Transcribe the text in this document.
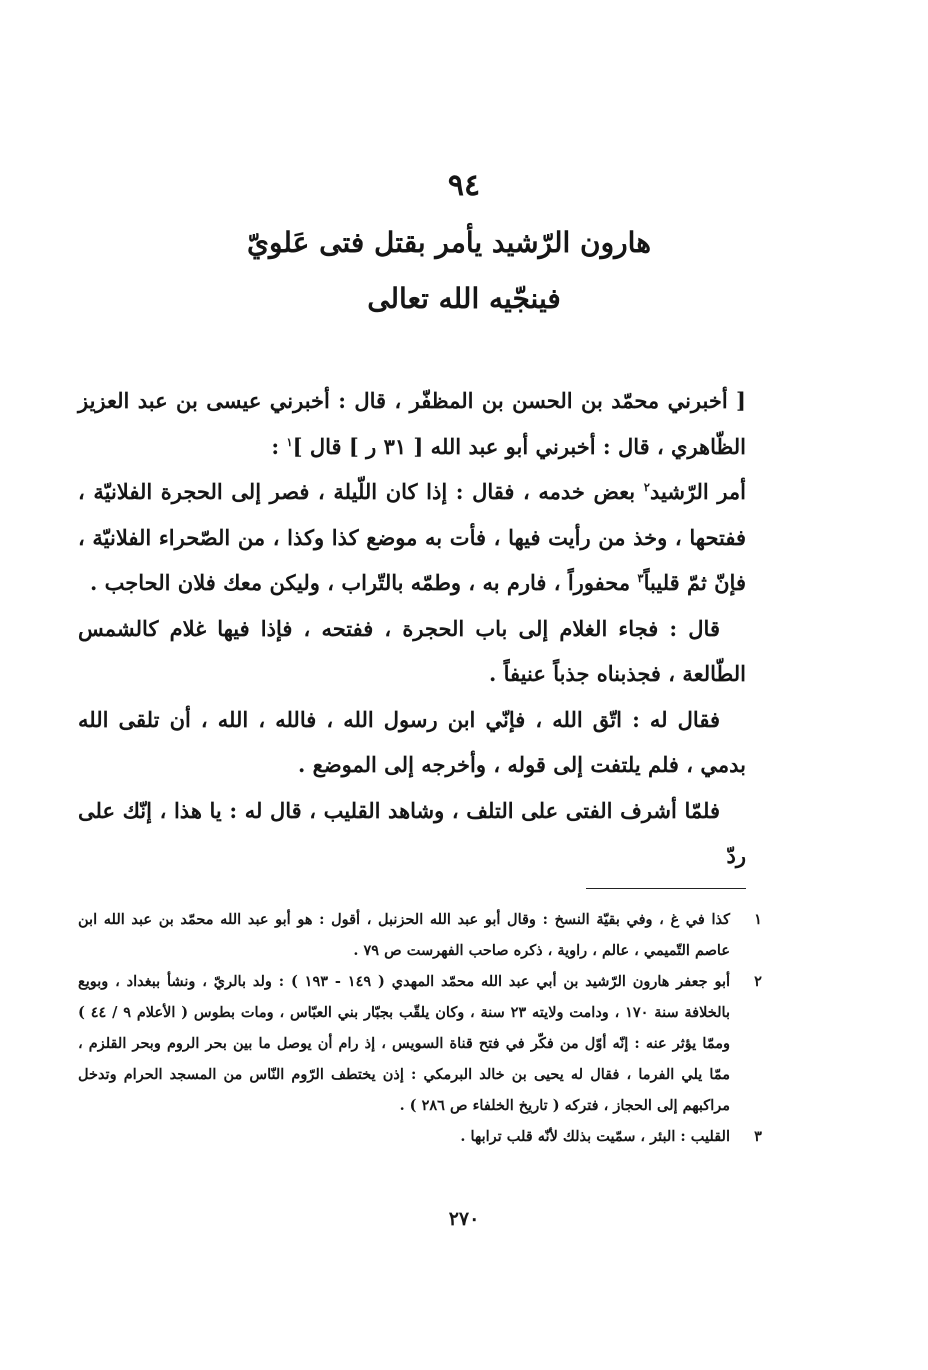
٩٤
هارون الرّشيد يأمر بقتل فتى عَلويّ
فينجّيه الله تعالى

[ أخبرني محمّد بن الحسن بن المظفّر ، قال : أخبرني عيسى بن عبد العزيز الظّاهري ، قال : أخبرني أبو عبد الله [ ٣١ ر ] قال ]$^١$ :

أمر الرّشيد$^٢$ بعض خدمه ، فقال : إذا كان اللّيلة ، فصر إلى الحجرة الفلانيّة ، ففتحها ، وخذ من رأيت فيها ، فأت به موضع كذا وكذا ، من الصّحراء الفلانيّة ، فإنّ ثمّ قليباً$^٣$ محفوراً ، فارم به ، وطمّه بالتّراب ، وليكن معك فلان الحاجب .

قال : فجاء الغلام إلى باب الحجرة ، ففتحه ، فإذا فيها غلام كالشمس الطّالعة ، فجذبناه جذباً عنيفاً .

فقال له : اتّق الله ، فإنّي ابن رسول الله ، فالله ، الله ، أن تلقى الله بدمي ، فلم يلتفت إلى قوله ، وأخرجه إلى الموضع .

فلمّا أشرف الفتى على التلف ، وشاهد القليب ، قال له : يا هذا ، إنّك على ردّ

١
كذا في غ ، وفي بقيّة النسخ : وقال أبو عبد الله الحزنبل ، أقول : هو أبو عبد الله محمّد بن عبد الله ابن عاصم التّميمي ، عالم ، راوية ، ذكره صاحب الفهرست ص ٧٩ .
٢
أبو جعفر هارون الرّشيد بن أبي عبد الله محمّد المهدي ( ١٤٩ - ١٩٣ ) : ولد بالريّ ، ونشأ ببغداد ، وبويع بالخلافة سنة ١٧٠ ، ودامت ولايته ٢٣ سنة ، وكان يلقّب بجبّار بني العبّاس ، ومات بطوس ( الأعلام ٩ / ٤٤ ) وممّا يؤثر عنه : إنّه أوّل من فكّر في فتح قناة السويس ، إذ رام أن يوصل ما بين بحر الروم وبحر القلزم ، ممّا يلي الفرما ، فقال له يحيى بن خالد البرمكي : إذن يختطف الرّوم النّاس من المسجد الحرام وتدخل مراكبهم إلى الحجاز ، فتركه ( تاريخ الخلفاء ص ٢٨٦ ) .
٣
القليب : البئر ، سمّيت بذلك لأنّه قلب ترابها .
٢٧٠
